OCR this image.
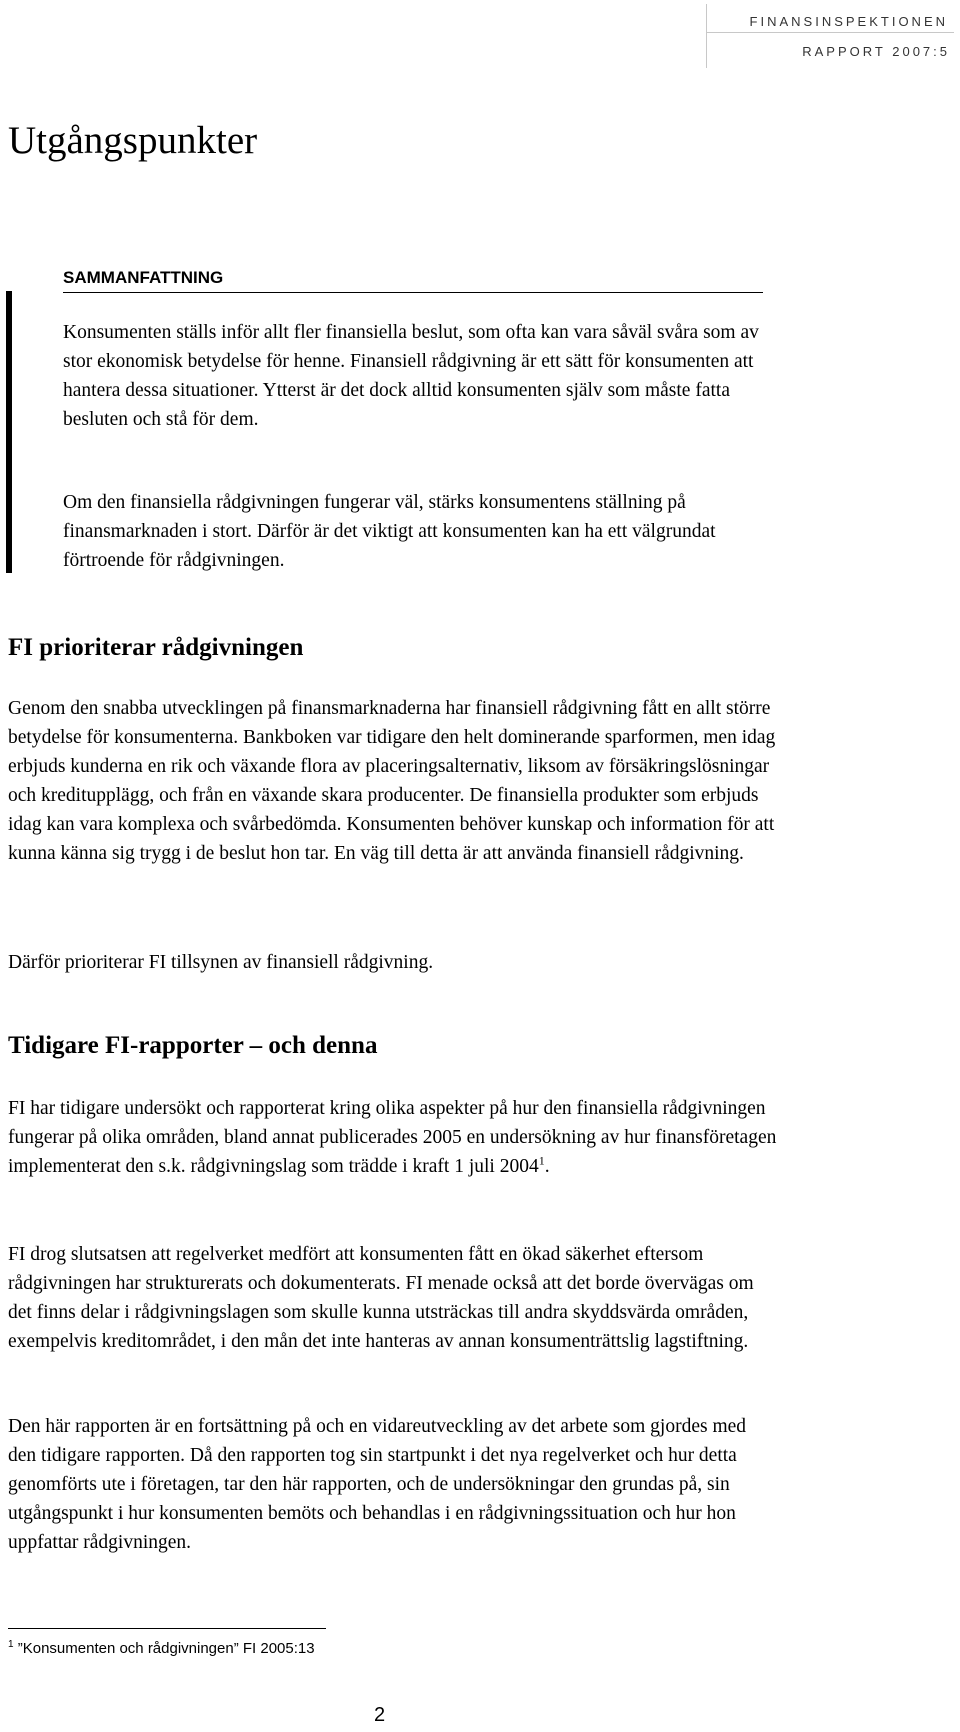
FINANSINSPEKTIONEN
RAPPORT 2007:5
Utgångspunkter
SAMMANFATTNING

Konsumenten ställs inför allt fler finansiella beslut, som ofta kan vara såväl svåra som av stor ekonomisk betydelse för henne. Finansiell rådgivning är ett sätt för konsumenten att hantera dessa situationer. Ytterst är det dock alltid konsumenten själv som måste fatta besluten och stå för dem.

Om den finansiella rådgivningen fungerar väl, stärks konsumentens ställning på finansmarknaden i stort. Därför är det viktigt att konsumenten kan ha ett välgrundat förtroende för rådgivningen.

FI prioriterar rådgivningen

Genom den snabba utvecklingen på finansmarknaderna har finansiell rådgivning fått en allt större betydelse för konsumenterna. Bankboken var tidigare den helt dominerande sparformen, men idag erbjuds kunderna en rik och växande flora av placeringsalternativ, liksom av försäkringslösningar och kreditupplägg, och från en växande skara producenter. De finansiella produkter som erbjuds idag kan vara komplexa och svårbedömda. Konsumenten behöver kunskap och information för att kunna känna sig trygg i de beslut hon tar. En väg till detta är att använda finansiell rådgivning.

Därför prioriterar FI tillsynen av finansiell rådgivning.

Tidigare FI-rapporter – och denna

FI har tidigare undersökt och rapporterat kring olika aspekter på hur den finansiella rådgivningen fungerar på olika områden, bland annat publicerades 2005 en undersökning av hur finansföretagen implementerat den s.k. rådgivningslag som trädde i kraft 1 juli 2004$^1$.

FI drog slutsatsen att regelverket medfört att konsumenten fått en ökad säkerhet eftersom rådgivningen har strukturerats och dokumenterats. FI menade också att det borde övervägas om det finns delar i rådgivningslagen som skulle kunna utsträckas till andra skyddsvärda områden, exempelvis kreditområdet, i den mån det inte hanteras av annan konsumenträttslig lagstiftning.

Den här rapporten är en fortsättning på och en vidareutveckling av det arbete som gjordes med den tidigare rapporten. Då den rapporten tog sin startpunkt i det nya regelverket och hur detta genomförts ute i företagen, tar den här rapporten, och de undersökningar den grundas på, sin utgångspunkt i hur konsumenten bemöts och behandlas i en rådgivningssituation och hur hon uppfattar rådgivningen.

$^1$ ”Konsumenten och rådgivningen” FI 2005:13
2
